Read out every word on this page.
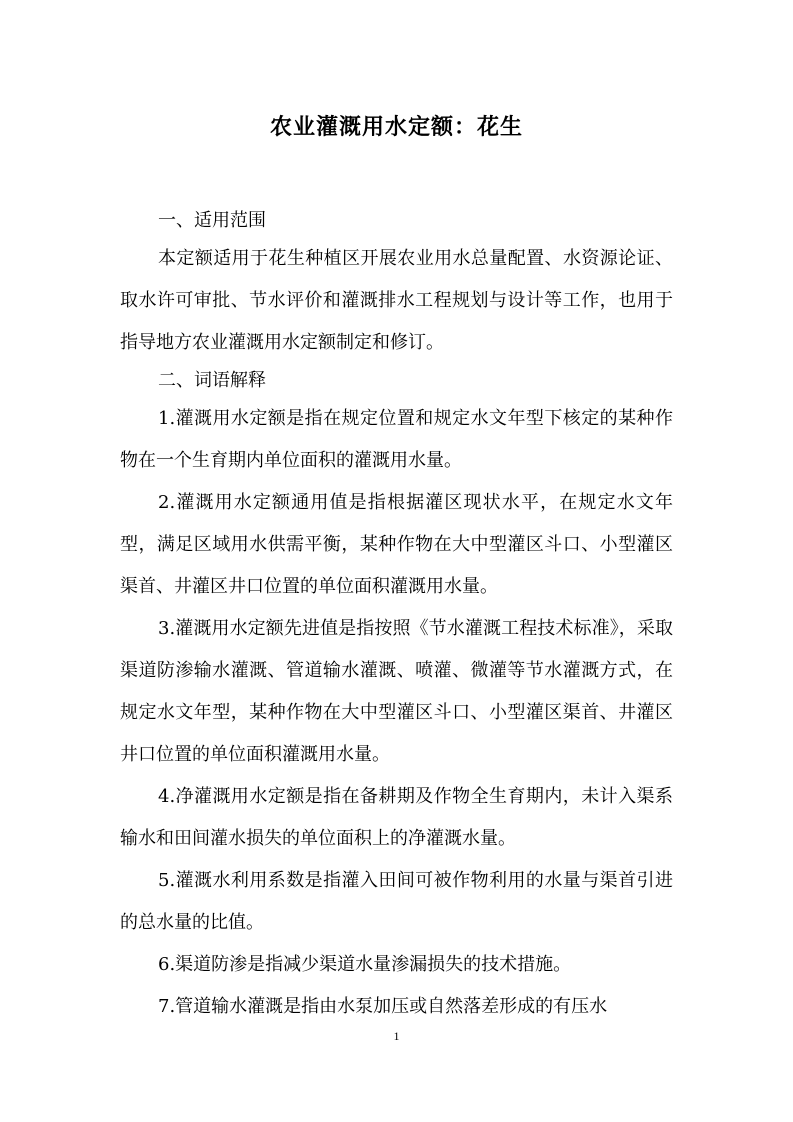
农业灌溉用水定额：花生
一、适用范围

本定额适用于花生种植区开展农业用水总量配置、水资源论证、取水许可审批、节水评价和灌溉排水工程规划与设计等工作，也用于指导地方农业灌溉用水定额制定和修订。

二、词语解释

1.灌溉用水定额是指在规定位置和规定水文年型下核定的某种作物在一个生育期内单位面积的灌溉用水量。

2.灌溉用水定额通用值是指根据灌区现状水平，在规定水文年型，满足区域用水供需平衡，某种作物在大中型灌区斗口、小型灌区渠首、井灌区井口位置的单位面积灌溉用水量。

3.灌溉用水定额先进值是指按照《节水灌溉工程技术标准》，采取渠道防渗输水灌溉、管道输水灌溉、喷灌、微灌等节水灌溉方式，在规定水文年型，某种作物在大中型灌区斗口、小型灌区渠首、井灌区井口位置的单位面积灌溉用水量。

4.净灌溉用水定额是指在备耕期及作物全生育期内，未计入渠系输水和田间灌水损失的单位面积上的净灌溉水量。

5.灌溉水利用系数是指灌入田间可被作物利用的水量与渠首引进的总水量的比值。

6.渠道防渗是指减少渠道水量渗漏损失的技术措施。

7.管道输水灌溉是指由水泵加压或自然落差形成的有压水

1
